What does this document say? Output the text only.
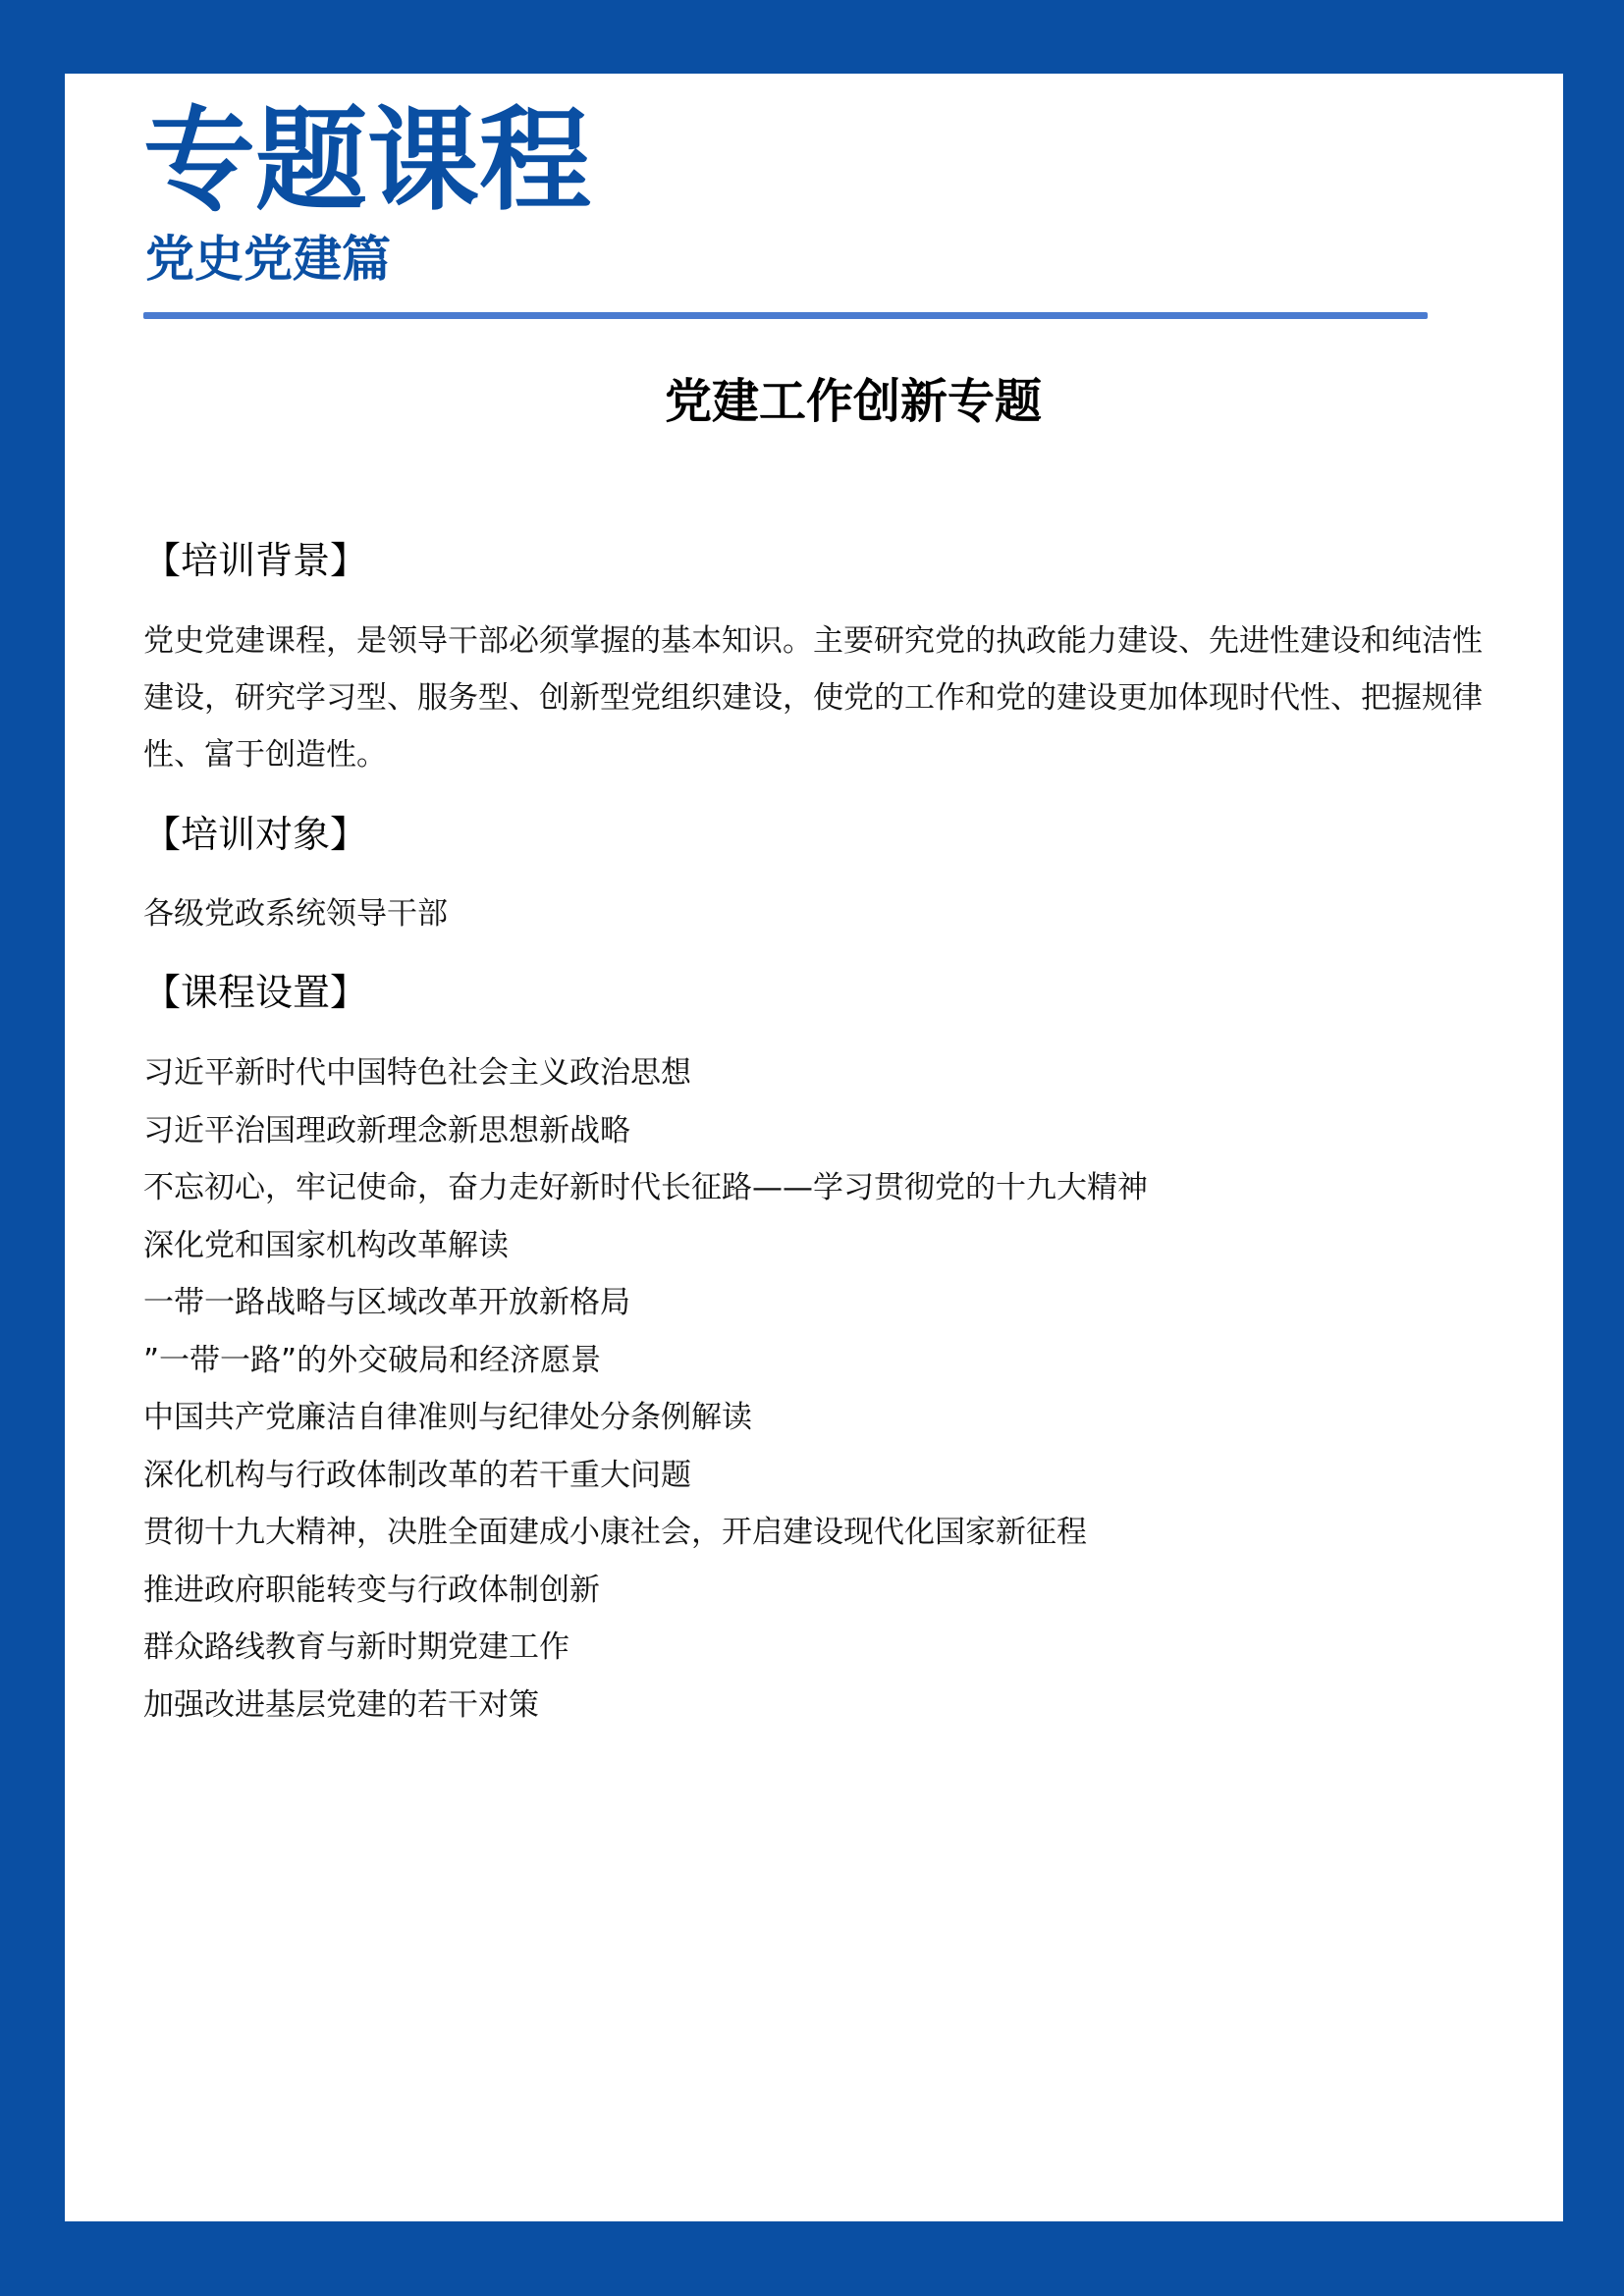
专题课程
党史党建篇
党建工作创新专题
【培训背景】

党史党建课程，是领导干部必须掌握的基本知识。主要研究党的执政能力建设、先进性建设和纯洁性建设，研究学习型、服务型、创新型党组织建设，使党的工作和党的建设更加体现时代性、把握规律性、富于创造性。

【培训对象】

各级党政系统领导干部

【课程设置】
习近平新时代中国特色社会主义政治思想
习近平治国理政新理念新思想新战略
不忘初心，牢记使命，奋力走好新时代长征路——学习贯彻党的十九大精神
深化党和国家机构改革解读
一带一路战略与区域改革开放新格局
”一带一路”的外交破局和经济愿景
中国共产党廉洁自律准则与纪律处分条例解读
深化机构与行政体制改革的若干重大问题
贯彻十九大精神，决胜全面建成小康社会，开启建设现代化国家新征程
推进政府职能转变与行政体制创新
群众路线教育与新时期党建工作
加强改进基层党建的若干对策
